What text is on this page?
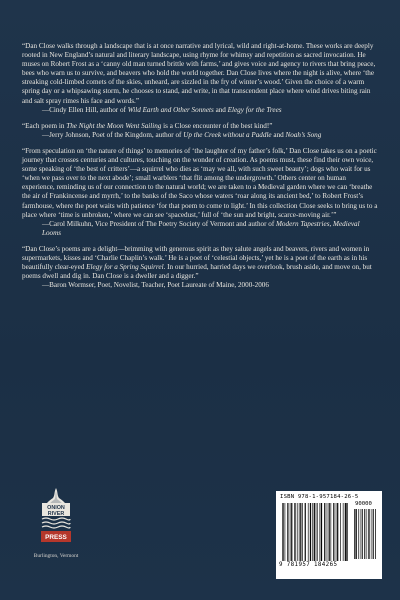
“Dan Close walks through a landscape that is at once narrative and lyrical, wild and right-at-home. These works are deeply rooted in New England’s natural and literary landscape, using rhyme for whimsy and repetition as sacred invocation. He muses on Robert Frost as a ‘canny old man turned brittle with farms,’ and gives voice and agency to rivers that bring peace, bees who warn us to survive, and beavers who hold the world together. Dan Close lives where the night is alive, where ‘the streaking cold-limbed comets of the skies, unheard, are sizzled in the fry of winter’s wood.’ Given the choice of a warm spring day or a whipsawing storm, he chooses to stand, and write, in that transcendent place where wind drives biting rain and salt spray rimes his face and words.”

—Cindy Ellen Hill, author of Wild Earth and Other Sonnets and Elegy for the Trees

“Each poem in The Night the Moon Went Sailing is a Close encounter of the best kind!”

—Jerry Johnson, Poet of the Kingdom, author of Up the Creek without a Paddle and Noah’s Song

“From speculation on ‘the nature of things’ to memories of ‘the laughter of my father’s folk,’ Dan Close takes us on a poetic journey that crosses centuries and cultures, touching on the wonder of creation. As poems must, these find their own voice, some speaking of ‘the best of critters’—a squirrel who dies as ‘may we all, with such sweet beauty’; dogs who wait for us ‘when we pass over to the next abode’; small warblers ‘that flit among the undergrowth.’ Others center on human experience, reminding us of our connection to the natural world; we are taken to a Medieval garden where we can ‘breathe the air of Frankincense and myrrh,’ to the banks of the Saco whose waters ‘roar along its ancient bed,’ to Robert Frost’s farmhouse, where the poet waits with patience ‘for that poem to come to light.’ In this collection Close seeks to bring us to a place where ‘time is unbroken,’ where we can see ‘spacedust,’ full of ‘the sun and bright, scarce-moving air.’”

—Carol Milkuhn, Vice President of The Poetry Society of Vermont and author of Modern Tapestries, Medieval Looms

“Dan Close’s poems are a delight—brimming with generous spirit as they salute angels and beavers, rivers and women in supermarkets, kisses and ‘Charlie Chaplin’s walk.’ He is a poet of ‘celestial objects,’ yet he is a poet of the earth as in his beautifully clear-eyed Elegy for a Spring Squirrel. In our hurried, harried days we overlook, brush aside, and move on, but poems dwell and dig in. Dan Close is a dweller and a digger.”

—Baron Wormser, Poet, Novelist, Teacher, Poet Laureate of Maine, 2000-2006

ONION
RIVER
PRESS
Burlington, Vermont
ISBN 978-1-957184-26-5
9 781957 184265
90000
